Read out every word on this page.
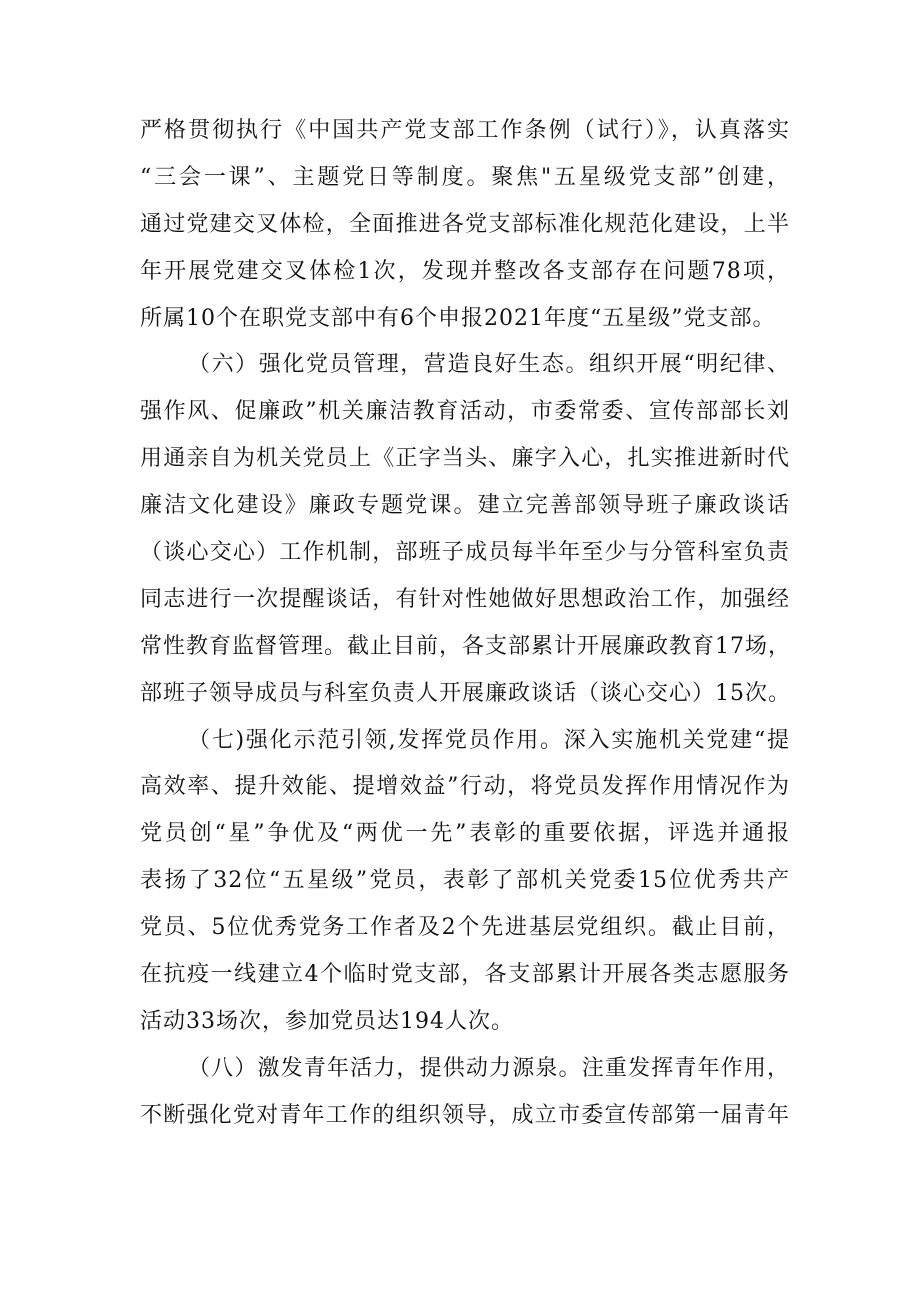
严格贯彻执行《中国共产党支部工作条例（试行）》，认真落实
“三会一课”、主题党日等制度。聚焦"五星级党支部”创建，
通过党建交叉体检，全面推进各党支部标准化规范化建设，上半
年开展党建交叉体检1次，发现并整改各支部存在问题78项，
所属10个在职党支部中有6个申报2021年度“五星级”党支部。
（六）强化党员管理，营造良好生态。组织开展“明纪律、
强作风、促廉政”机关廉洁教育活动，市委常委、宣传部部长刘
用通亲自为机关党员上《正字当头、廉字入心，扎实推进新时代
廉洁文化建设》廉政专题党课。建立完善部领导班子廉政谈话
（谈心交心）工作机制，部班子成员每半年至少与分管科室负责
同志进行一次提醒谈话，有针对性她做好思想政治工作，加强经
常性教育监督管理。截止目前，各支部累计开展廉政教育17场，
部班子领导成员与科室负责人开展廉政谈话（谈心交心）15次。
（七)强化示范引领,发挥党员作用。深入实施机关党建“提
高效率、提升效能、提增效益”行动，将党员发挥作用情况作为
党员创“星”争优及“两优一先”表彰的重要依据，评选并通报
表扬了32位“五星级”党员，表彰了部机关党委15位优秀共产
党员、5位优秀党务工作者及2个先进基层党组织。截止目前，
在抗疫一线建立4个临时党支部，各支部累计开展各类志愿服务
活动33场次，参加党员达194人次。
（八）激发青年活力，提供动力源泉。注重发挥青年作用，
不断强化党对青年工作的组织领导，成立市委宣传部第一届青年
